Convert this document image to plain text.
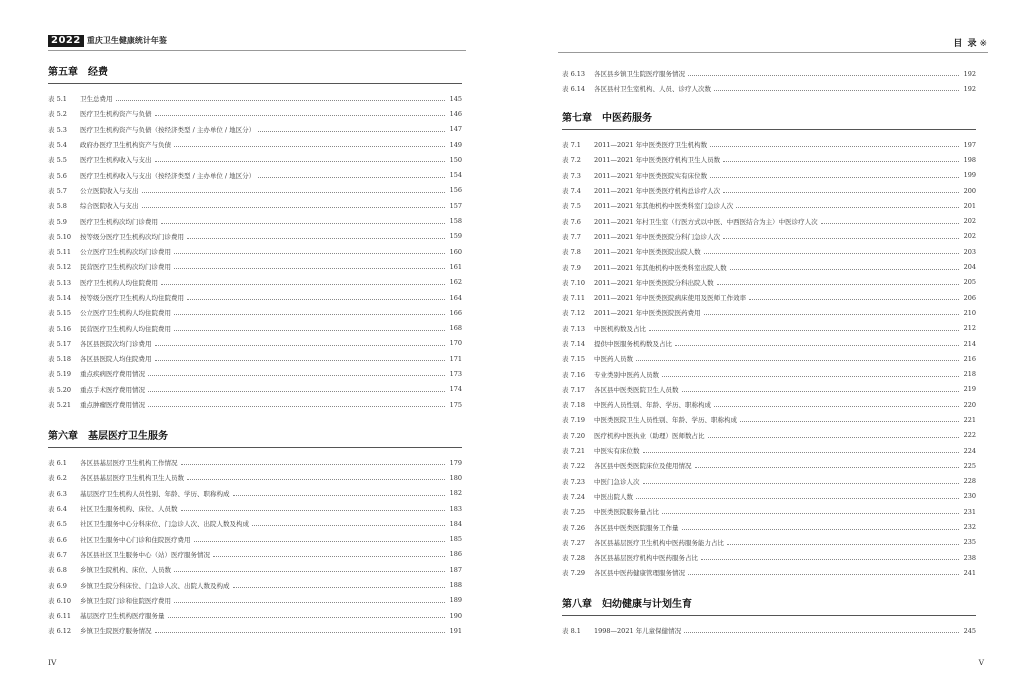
2022 重庆卫生健康统计年鉴
第五章 经费
表 5.1	卫生总费用	145
表 5.2	医疗卫生机构资产与负债	146
表 5.3	医疗卫生机构资产与负债（按经济类型 / 主办单位 / 地区分）	147
表 5.4	政府办医疗卫生机构资产与负债	149
表 5.5	医疗卫生机构收入与支出	150
表 5.6	医疗卫生机构收入与支出（按经济类型 / 主办单位 / 地区分）	154
表 5.7	公立医院收入与支出	156
表 5.8	综合医院收入与支出	157
表 5.9	医疗卫生机构次均门诊费用	158
表 5.10	按等级分医疗卫生机构次均门诊费用	159
表 5.11	公立医疗卫生机构次均门诊费用	160
表 5.12	民营医疗卫生机构次均门诊费用	161
表 5.13	医疗卫生机构人均住院费用	162
表 5.14	按等级分医疗卫生机构人均住院费用	164
表 5.15	公立医疗卫生机构人均住院费用	166
表 5.16	民营医疗卫生机构人均住院费用	168
表 5.17	各区县医院次均门诊费用	170
表 5.18	各区县医院人均住院费用	171
表 5.19	重点疾病医疗费用情况	173
表 5.20	重点手术医疗费用情况	174
表 5.21	重点肿瘤医疗费用情况	175
第六章 基层医疗卫生服务
表 6.1	各区县基层医疗卫生机构工作情况	179
表 6.2	各区县基层医疗卫生机构卫生人员数	180
表 6.3	基层医疗卫生机构人员性别、年龄、学历、职称构成	182
表 6.4	社区卫生服务机构、床位、人员数	183
表 6.5	社区卫生服务中心分科床位、门急诊人次、出院人数及构成	184
表 6.6	社区卫生服务中心门诊和住院医疗费用	185
表 6.7	各区县社区卫生服务中心（站）医疗服务情况	186
表 6.8	乡镇卫生院机构、床位、人员数	187
表 6.9	乡镇卫生院分科床位、门急诊人次、出院人数及构成	188
表 6.10	乡镇卫生院门诊和住院医疗费用	189
表 6.11	基层医疗卫生机构医疗服务量	190
表 6.12	乡镇卫生院医疗服务情况	191
IV
目 录 ※
表 6.13	各区县乡镇卫生院医疗服务情况	192
表 6.14	各区县村卫生室机构、人员、诊疗人次数	192
第七章 中医药服务
表 7.1	2011—2021 年中医类医疗卫生机构数	197
表 7.2	2011—2021 年中医类医疗机构卫生人员数	198
表 7.3	2011—2021 年中医类医院实有床位数	199
表 7.4	2011—2021 年中医类医疗机构总诊疗人次	200
表 7.5	2011—2021 年其他机构中医类科室门急诊人次	201
表 7.6	2011—2021 年村卫生室（行医方式以中医、中西医结合为主）中医诊疗人次	202
表 7.7	2011—2021 年中医类医院分科门急诊人次	202
表 7.8	2011—2021 年中医类医院出院人数	203
表 7.9	2011—2021 年其他机构中医类科室出院人数	204
表 7.10	2011—2021 年中医类医院分科出院人数	205
表 7.11	2011—2021 年中医类医院病床使用及医师工作效率	206
表 7.12	2011—2021 年中医类医院医药费用	210
表 7.13	中医机构数及占比	212
表 7.14	提供中医服务机构数及占比	214
表 7.15	中医药人员数	216
表 7.16	专业类别中医药人员数	218
表 7.17	各区县中医类医院卫生人员数	219
表 7.18	中医药人员性别、年龄、学历、职称构成	220
表 7.19	中医类医院卫生人员性别、年龄、学历、职称构成	221
表 7.20	医疗机构中医执业（助理）医师数占比	222
表 7.21	中医实有床位数	224
表 7.22	各区县中医类医院床位及使用情况	225
表 7.23	中医门急诊人次	228
表 7.24	中医出院人数	230
表 7.25	中医类医院服务量占比	231
表 7.26	各区县中医类医院服务工作量	232
表 7.27	各区县基层医疗卫生机构中医药服务能力占比	235
表 7.28	各区县基层医疗机构中医药服务占比	238
表 7.29	各区县中医药健康管理服务情况	241
第八章 妇幼健康与计划生育
表 8.1	1998—2021 年儿童保健情况	245
V
